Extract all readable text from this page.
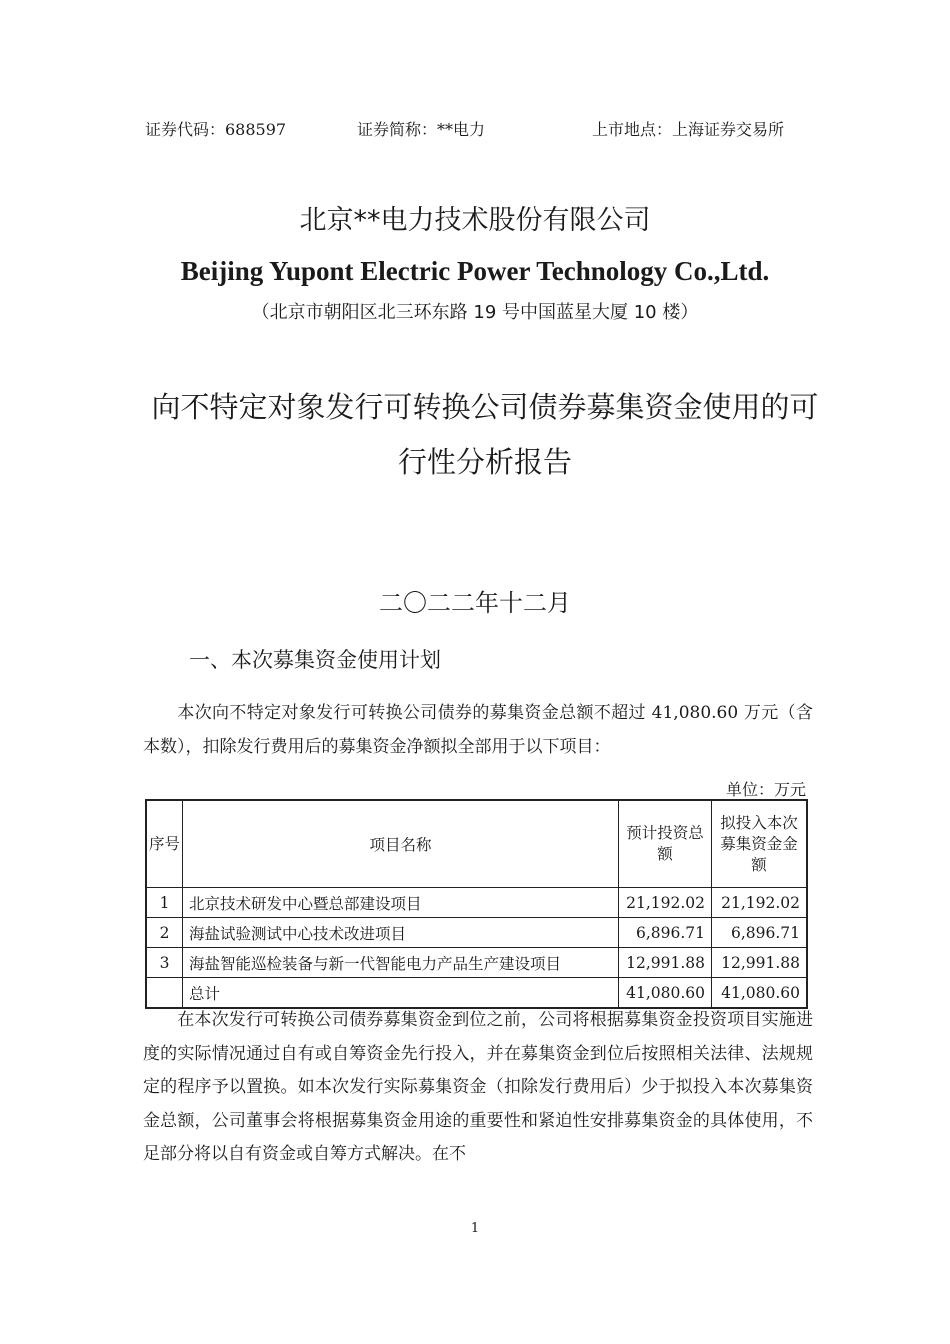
证券代码：688597	证券简称：**电力	上市地点：上海证券交易所
北京**电力技术股份有限公司
Beijing Yupont Electric Power Technology Co.,Ltd.
（北京市朝阳区北三环东路 19 号中国蓝星大厦 10 楼）
向不特定对象发行可转换公司债券募集资金使用的可行性分析报告
二〇二二年十二月
一、本次募集资金使用计划
本次向不特定对象发行可转换公司债券的募集资金总额不超过 41,080.60 万元（含本数），扣除发行费用后的募集资金净额拟全部用于以下项目：
单位：万元
序号	项目名称	预计投资总额	拟投入本次募集资金金额
1	北京技术研发中心暨总部建设项目	21,192.02	21,192.02
2	海盐试验测试中心技术改进项目	6,896.71	6,896.71
3	海盐智能巡检装备与新一代智能电力产品生产建设项目	12,991.88	12,991.88
	总计	41,080.60	41,080.60
在本次发行可转换公司债券募集资金到位之前，公司将根据募集资金投资项目实施进度的实际情况通过自有或自筹资金先行投入，并在募集资金到位后按照相关法律、法规规定的程序予以置换。如本次发行实际募集资金（扣除发行费用后）少于拟投入本次募集资金总额，公司董事会将根据募集资金用途的重要性和紧迫性安排募集资金的具体使用，不足部分将以自有资金或自筹方式解决。在不
1
